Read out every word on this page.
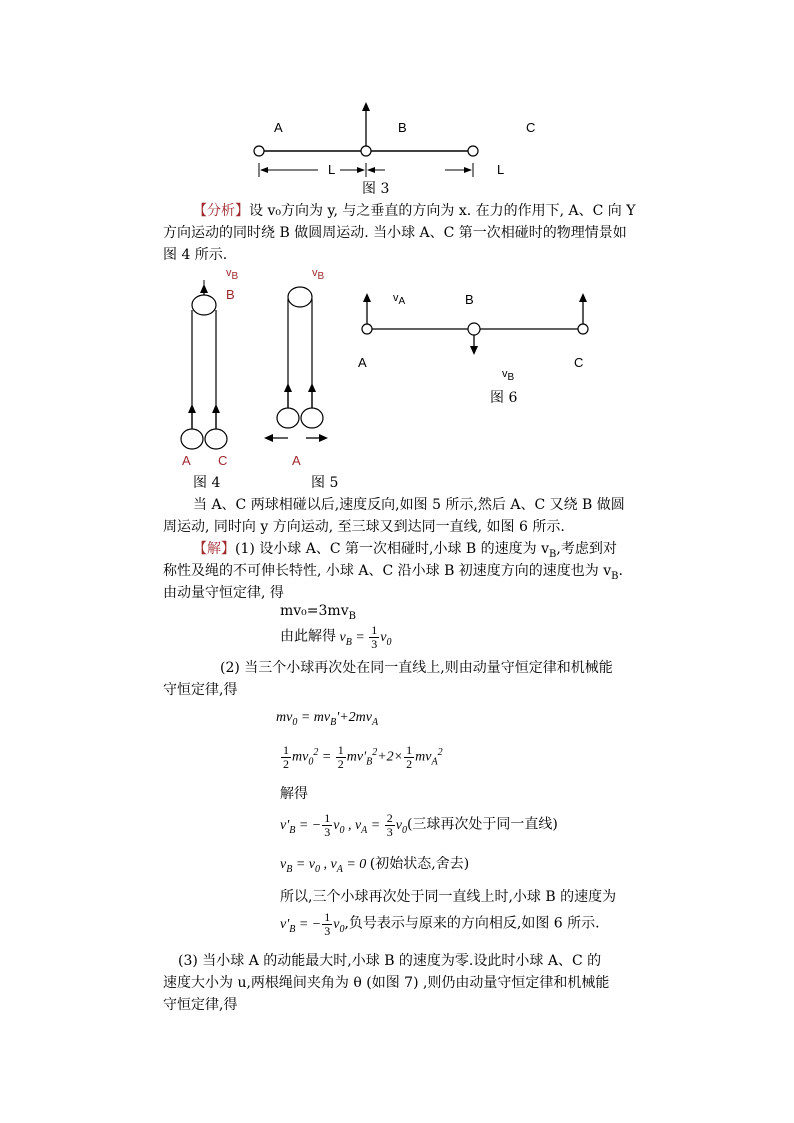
A	B	C
L	L
图 3
【分析】设 v₀方向为 y, 与之垂直的方向为 x. 在力的作用下, A、C 向 Y
方向运动的同时绕 B 做圆周运动. 当小球 A、C 第一次相碰时的物理情景如
图 4 所示.
$v_B$
B
A C
图 4
$v_B$
A
图 5
$v_A$	B
A	C
$v_B$
图 6
当 A、C 两球相碰以后,速度反向,如图 5 所示,然后 A、C 又绕 B 做圆
周运动, 同时向 y 方向运动, 至三球又到达同一直线, 如图 6 所示.
【解】(1) 设小球 A、C 第一次相碰时,小球 B 的速度为 $v_B$,考虑到对
称性及绳的不可伸长特性, 小球 A、C 沿小球 B 初速度方向的速度也为 $v_B$.
由动量守恒定律, 得
$mv_0=3mv_B$
由此解得 $v_B = \frac{1}{3} v_0$
(2) 当三个小球再次处在同一直线上,则由动量守恒定律和机械能
守恒定律,得
$mv_0 = mv_B'+2mv_A$
$\frac{1}{2} mv_0^2 = \frac{1}{2} mv'_B^2+2\times \frac{1}{2} mv_A^2$
解得
$v'_B$ = − $\frac{1}{3} v_0$ , $v_A = \frac{2}{3} v_0$(三球再次处于同一直线)
$v_B = v_0$ , $v_A = 0$ (初始状态,舍去)
所以,三个小球再次处于同一直线上时,小球 B 的速度为
$v'_B$ = − $\frac{1}{3} v_0$,负号表示与原来的方向相反,如图 6 所示.
(3) 当小球 A 的动能最大时,小球 B 的速度为零.设此时小球 A、C 的
速度大小为 u,两根绳间夹角为 θ (如图 7) ,则仍由动量守恒定律和机械能
守恒定律,得
